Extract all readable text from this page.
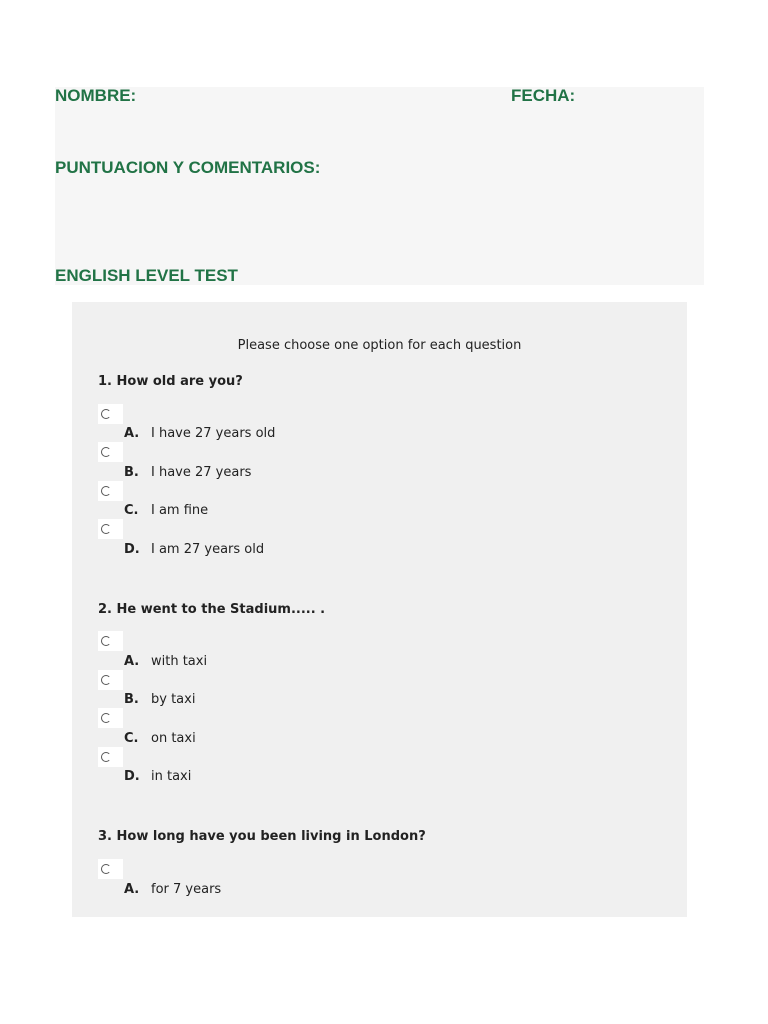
NOMBRE:	FECHA:
PUNTUACION Y COMENTARIOS:
ENGLISH LEVEL TEST
Please choose one option for each question
1. How old are you?
A. I have 27 years old
B. I have 27 years
C. I am fine
D. I am 27 years old
2. He went to the Stadium..... .
A. with taxi
B. by taxi
C. on taxi
D. in taxi
3. How long have you been living in London?
A. for 7 years
